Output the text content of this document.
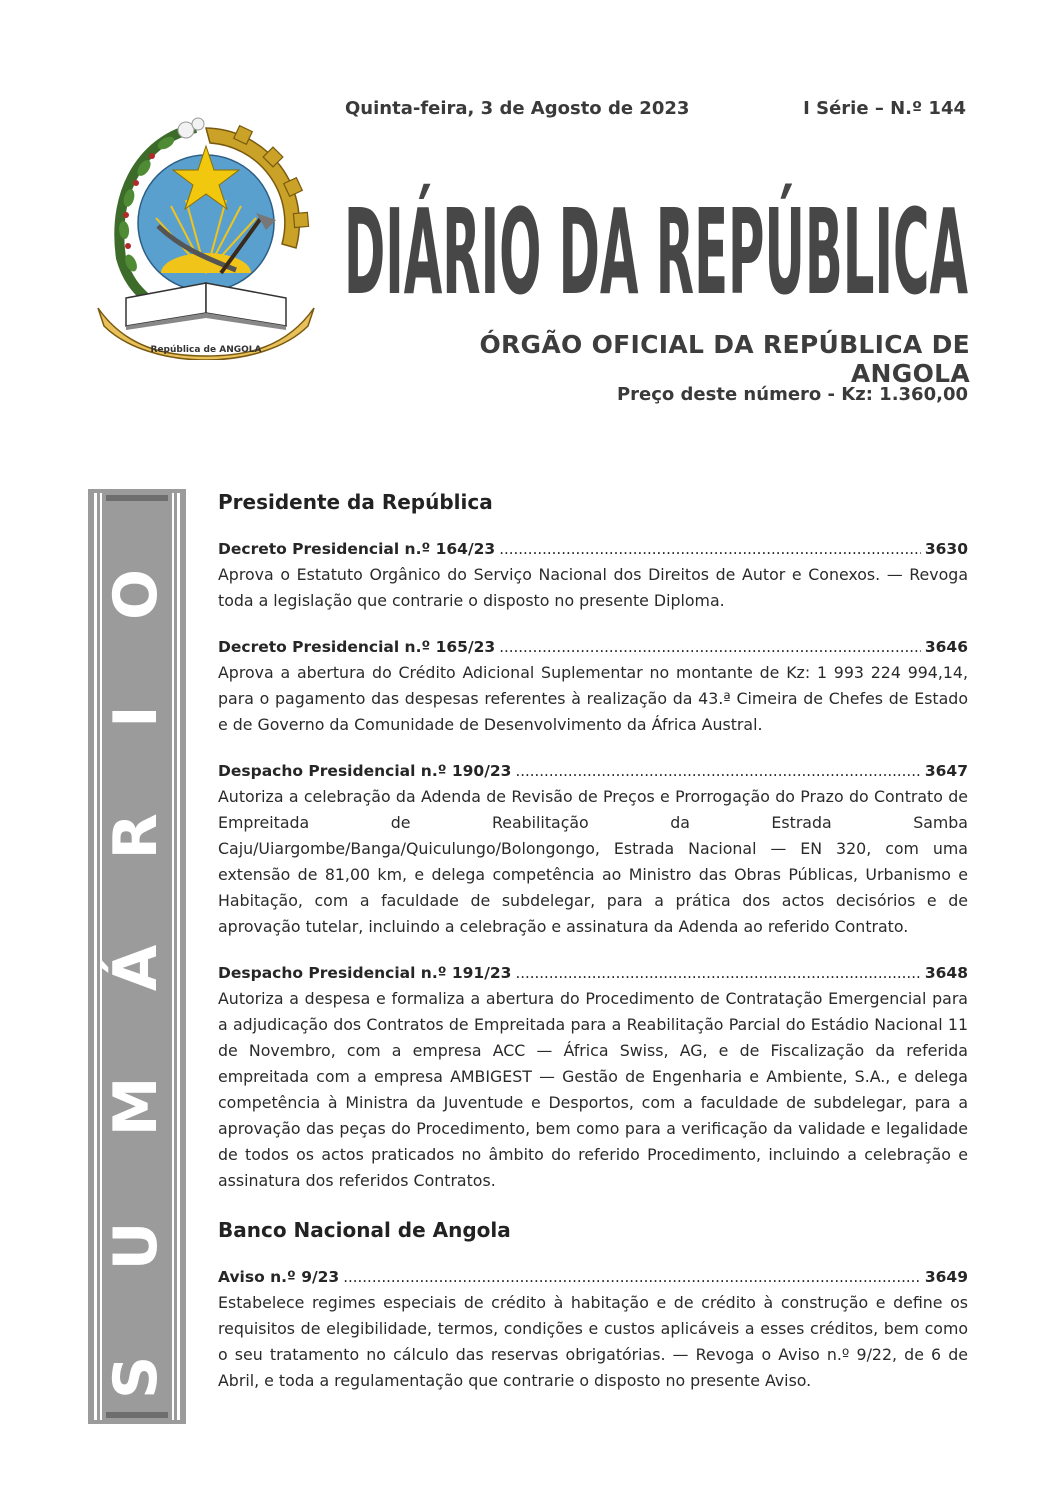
República de ANGOLA
Quinta-feira, 3 de Agosto de 2023	I Série – N.º 144
DIÁRIO DA REPÚBLICA
ÓRGÃO OFICIAL DA REPÚBLICA DE ANGOLA
Preço deste número - Kz: 1.360,00
SUMÁRIO
Presidente da República
Decreto Presidencial n.º 164/23 .....	3630

Aprova o Estatuto Orgânico do Serviço Nacional dos Direitos de Autor e Conexos. — Revoga toda a legislação que contrarie o disposto no presente Diploma.

Decreto Presidencial n.º 165/23 .....	3646

Aprova a abertura do Crédito Adicional Suplementar no montante de Kz: 1 993 224 994,14, para o pagamento das despesas referentes à realização da 43.ª Cimeira de Chefes de Estado e de Governo da Comunidade de Desenvolvimento da África Austral.

Despacho Presidencial n.º 190/23 .....	3647

Autoriza a celebração da Adenda de Revisão de Preços e Prorrogação do Prazo do Contrato de Empreitada de Reabilitação da Estrada Samba Caju/Uiargombe/Banga/Quiculungo/Bolongongo, Estrada Nacional — EN 320, com uma extensão de 81,00 km, e delega competência ao Ministro das Obras Públicas, Urbanismo e Habitação, com a faculdade de subdelegar, para a prática dos actos decisórios e de aprovação tutelar, incluindo a celebração e assinatura da Adenda ao referido Contrato.

Despacho Presidencial n.º 191/23 .....	3648

Autoriza a despesa e formaliza a abertura do Procedimento de Contratação Emergencial para a adjudicação dos Contratos de Empreitada para a Reabilitação Parcial do Estádio Nacional 11 de Novembro, com a empresa ACC — África Swiss, AG, e de Fiscalização da referida empreitada com a empresa AMBIGEST — Gestão de Engenharia e Ambiente, S.A., e delega competência à Ministra da Juventude e Desportos, com a faculdade de subdelegar, para a aprovação das peças do Procedimento, bem como para a verificação da validade e legalidade de todos os actos praticados no âmbito do referido Procedimento, incluindo a celebração e assinatura dos referidos Contratos.

Banco Nacional de Angola
Aviso n.º 9/23 .....	3649

Estabelece regimes especiais de crédito à habitação e de crédito à construção e define os requisitos de elegibilidade, termos, condições e custos aplicáveis a esses créditos, bem como o seu tratamento no cálculo das reservas obrigatórias. — Revoga o Aviso n.º 9/22, de 6 de Abril, e toda a regulamentação que contrarie o disposto no presente Aviso.
